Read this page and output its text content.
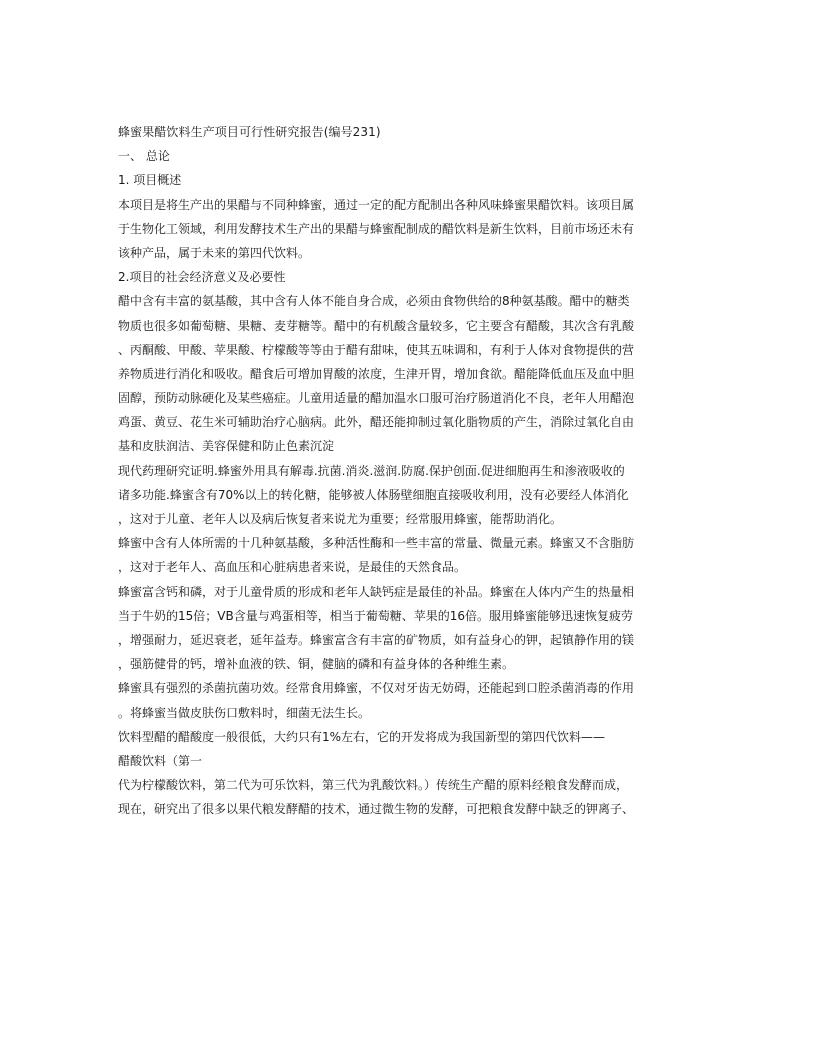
蜂蜜果醋饮料生产项目可行性研究报告(编号231)
一、 总论
1. 项目概述
本项目是将生产出的果醋与不同种蜂蜜，通过一定的配方配制出各种风味蜂蜜果醋饮料。该项目属
于生物化工领域，利用发酵技术生产出的果醋与蜂蜜配制成的醋饮料是新生饮料，目前市场还未有
该种产品，属于未来的第四代饮料。
2.项目的社会经济意义及必要性
醋中含有丰富的氨基酸，其中含有人体不能自身合成，必须由食物供给的8种氨基酸。醋中的糖类
物质也很多如葡萄糖、果糖、麦芽糖等。醋中的有机酸含量较多，它主要含有醋酸，其次含有乳酸
、丙酮酸、甲酸、苹果酸、柠檬酸等等由于醋有甜味，使其五味调和，有利于人体对食物提供的营
养物质进行消化和吸收。醋食后可增加胃酸的浓度，生津开胃，增加食欲。醋能降低血压及血中胆
固醇，预防动脉硬化及某些癌症。儿童用适量的醋加温水口服可治疗肠道消化不良，老年人用醋泡
鸡蛋、黄豆、花生米可辅助治疗心脑病。此外，醋还能抑制过氧化脂物质的产生，消除过氧化自由
基和皮肤润洁、美容保健和防止色素沉淀
现代药理研究证明.蜂蜜外用具有解毒.抗菌.消炎.滋润.防腐.保护创面.促进细胞再生和渗液吸收的
诸多功能.蜂蜜含有70%以上的转化糖，能够被人体肠壁细胞直接吸收利用，没有必要经人体消化
，这对于儿童、老年人以及病后恢复者来说尤为重要；经常服用蜂蜜，能帮助消化。
蜂蜜中含有人体所需的十几种氨基酸，多种活性酶和一些丰富的常量、微量元素。蜂蜜又不含脂肪
，这对于老年人、高血压和心脏病患者来说，是最佳的天然食品。
蜂蜜富含钙和磷，对于儿童骨质的形成和老年人缺钙症是最佳的补品。蜂蜜在人体内产生的热量相
当于牛奶的15倍；VB含量与鸡蛋相等，相当于葡萄糖、苹果的16倍。服用蜂蜜能够迅速恢复疲劳
，增强耐力，延迟衰老，延年益寿。蜂蜜富含有丰富的矿物质，如有益身心的钾，起镇静作用的镁
，强筋健骨的钙，增补血液的铁、铜，健脑的磷和有益身体的各种维生素。
蜂蜜具有强烈的杀菌抗菌功效。经常食用蜂蜜，不仅对牙齿无妨碍，还能起到口腔杀菌消毒的作用
。将蜂蜜当做皮肤伤口敷料时，细菌无法生长。
饮料型醋的醋酸度一般很低，大约只有1%左右，它的开发将成为我国新型的第四代饮料——
醋酸饮料（第一
代为柠檬酸饮料，第二代为可乐饮料，第三代为乳酸饮料。）传统生产醋的原料经粮食发酵而成，
现在，研究出了很多以果代粮发酵醋的技术，通过微生物的发酵，可把粮食发酵中缺乏的钾离子、
